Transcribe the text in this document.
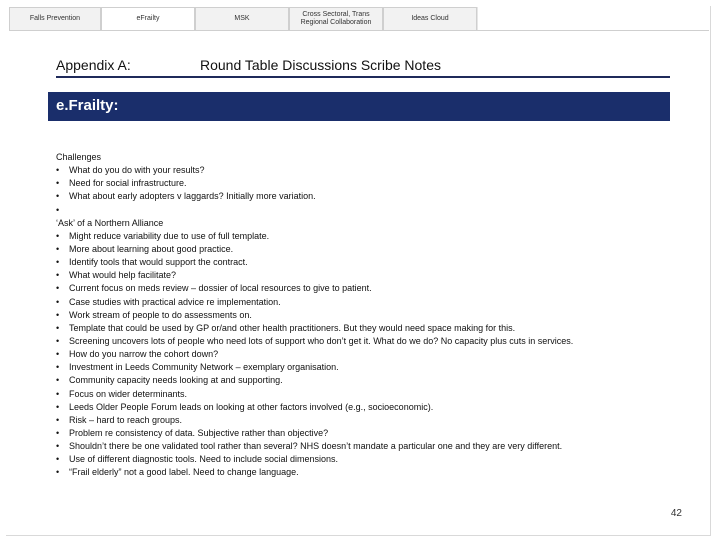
Falls Prevention	eFrailty	MSK
Cross Sectoral, Trans Regional Collaboration
Ideas Cloud
Appendix A:	Round Table Discussions Scribe Notes
e.Frailty:
Challenges
•	What do you do with your results?
•	Need for social infrastructure.
•	What about early adopters v laggards? Initially more variation.
•
‘Ask’ of a Northern Alliance
•	Might reduce variability due to use of full template.
•	More about learning about good practice.
•	Identify tools that would support the contract.
•	What would help facilitate?
•	Current focus on meds review – dossier of local resources to give to patient.
•	Case studies with practical advice re implementation.
•	Work stream of people to do assessments on.
•	Template that could be used by GP or/and other health practitioners. But they would need space making for this.
•	Screening uncovers lots of people who need lots of support who don’t get it. What do we do? No capacity plus cuts in services.
•	How do you narrow the cohort down?
•	Investment in Leeds Community Network – exemplary organisation.
•	Community capacity needs looking at and supporting.
•	Focus on wider determinants.
•	Leeds Older People Forum leads on looking at other factors involved (e.g., socioeconomic).
•	Risk – hard to reach groups.
•	Problem re consistency of data. Subjective rather than objective?
•	Shouldn’t there be one validated tool rather than several? NHS doesn’t mandate a particular one and they are very different.
•	Use of different diagnostic tools. Need to include social dimensions.
•	“Frail elderly” not a good label. Need to change language.
42
